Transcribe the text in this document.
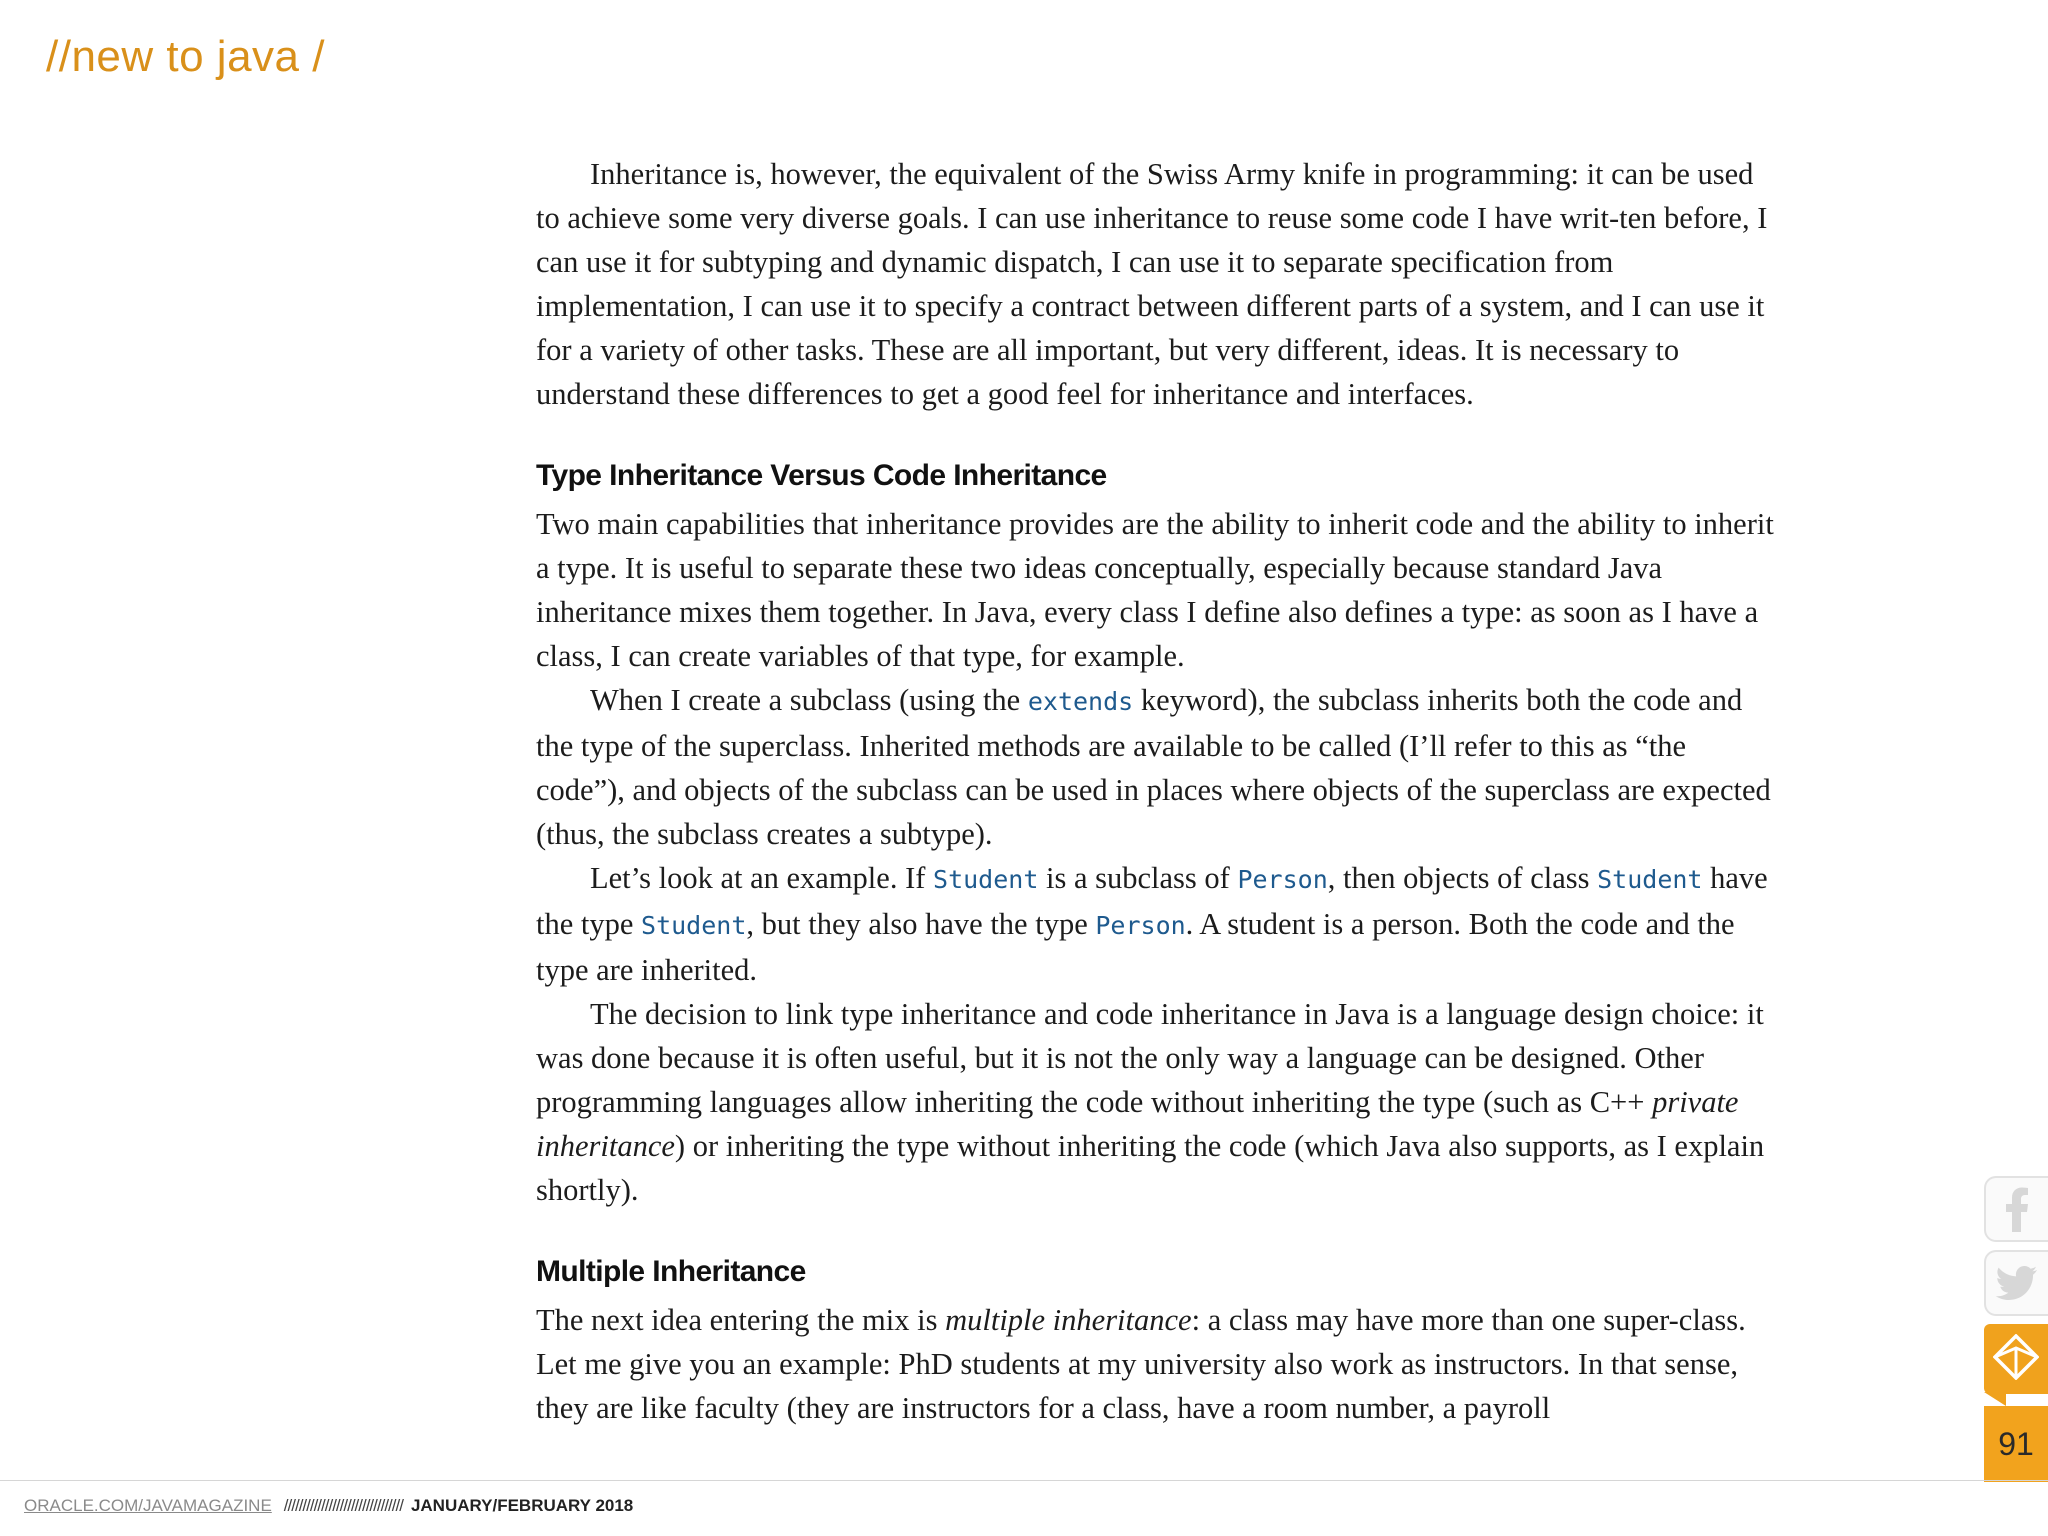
//new to java /

Inheritance is, however, the equivalent of the Swiss Army knife in programming: it can be used to achieve some very diverse goals. I can use inheritance to reuse some code I have writ-ten before, I can use it for subtyping and dynamic dispatch, I can use it to separate specification from implementation, I can use it to specify a contract between different parts of a system, and I can use it for a variety of other tasks. These are all important, but very different, ideas. It is necessary to understand these differences to get a good feel for inheritance and interfaces.

Type Inheritance Versus Code Inheritance

Two main capabilities that inheritance provides are the ability to inherit code and the ability to inherit a type. It is useful to separate these two ideas conceptually, especially because standard Java inheritance mixes them together. In Java, every class I define also defines a type: as soon as I have a class, I can create variables of that type, for example.

When I create a subclass (using the extends keyword), the subclass inherits both the code and the type of the superclass. Inherited methods are available to be called (I’ll refer to this as “the code”), and objects of the subclass can be used in places where objects of the superclass are expected (thus, the subclass creates a subtype).

Let’s look at an example. If Student is a subclass of Person, then objects of class Student have the type Student, but they also have the type Person. A student is a person. Both the code and the type are inherited.

The decision to link type inheritance and code inheritance in Java is a language design choice: it was done because it is often useful, but it is not the only way a language can be designed. Other programming languages allow inheriting the code without inheriting the type (such as C++ private inheritance) or inheriting the type without inheriting the code (which Java also supports, as I explain shortly).

Multiple Inheritance

The next idea entering the mix is multiple inheritance: a class may have more than one super-class. Let me give you an example: PhD students at my university also work as instructors. In that sense, they are like faculty (they are instructors for a class, have a room number, a payroll

91
ORACLE.COM/JAVAMAGAZINE //////////////////////////////// JANUARY/FEBRUARY 2018
